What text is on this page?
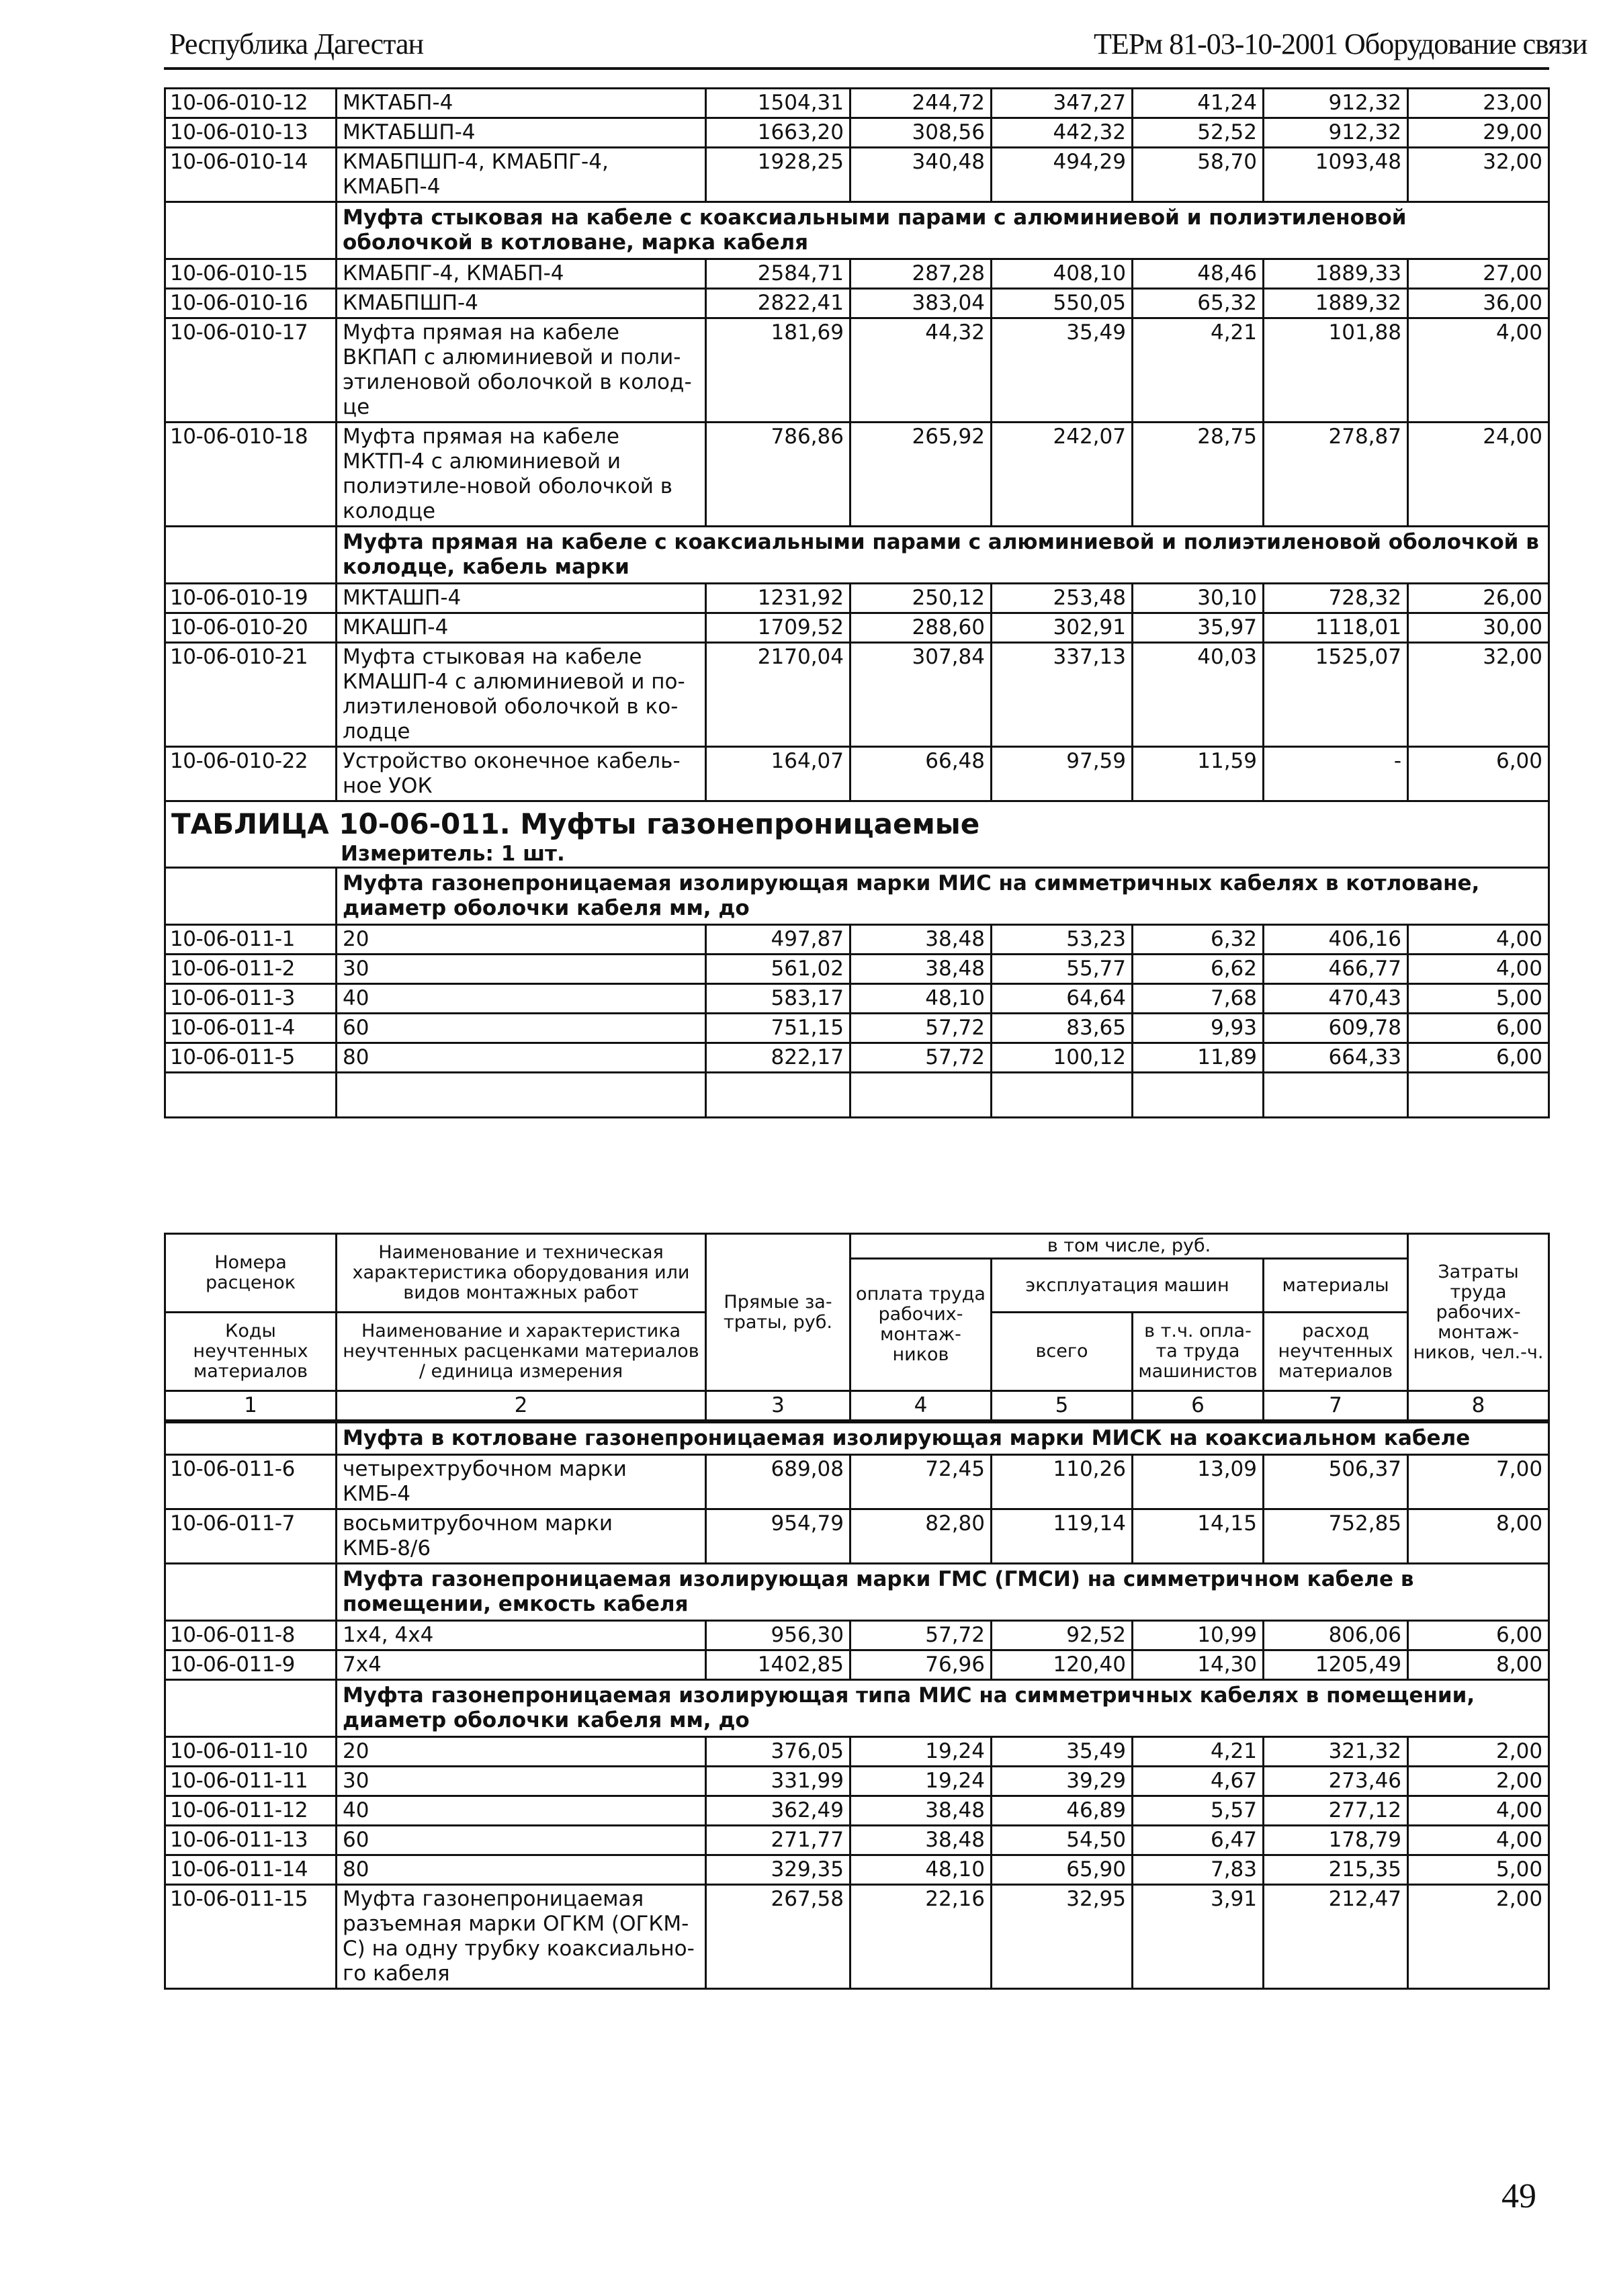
Республика Дагестан	ТЕРм 81-03-10-2001 Оборудование связи
10-06-010-12	МКТАБП-4	1504,31	244,72	347,27	41,24	912,32	23,00
10-06-010-13	МКТАБШП-4	1663,20	308,56	442,32	52,52	912,32	29,00
10-06-010-14	КМАБПШП-4, КМАБПГ-4, КМАБП-4	1928,25	340,48	494,29	58,70	1093,48	32,00
	Муфта стыковая на кабеле с коаксиальными парами с алюминиевой и полиэтиленовой оболочкой в котловане, марка кабеля						
10-06-010-15	КМАБПГ-4, КМАБП-4	2584,71	287,28	408,10	48,46	1889,33	27,00
10-06-010-16	КМАБПШП-4	2822,41	383,04	550,05	65,32	1889,32	36,00
10-06-010-17	Муфта прямая на кабеле ВКПАП с алюминиевой и поли-этиленовой оболочкой в колод-це	181,69	44,32	35,49	4,21	101,88	4,00
10-06-010-18	Муфта прямая на кабеле МКТП-4 с алюминиевой и полиэтиле-новой оболочкой в колодце	786,86	265,92	242,07	28,75	278,87	24,00
	Муфта прямая на кабеле с коаксиальными парами с алюминиевой и полиэтиленовой оболочкой в колодце, кабель марки						
10-06-010-19	МКТАШП-4	1231,92	250,12	253,48	30,10	728,32	26,00
10-06-010-20	МКАШП-4	1709,52	288,60	302,91	35,97	1118,01	30,00
10-06-010-21	Муфта стыковая на кабеле КМАШП-4 с алюминиевой и по-лиэтиленовой оболочкой в ко-лодце	2170,04	307,84	337,13	40,03	1525,07	32,00
10-06-010-22	Устройство оконечное кабель-ное УОК	164,07	66,48	97,59	11,59	-	6,00

ТАБЛИЦА 10-06-011. Муфты газонепроницаемые
Измеритель: 1 шт.							

	Муфта газонепроницаемая изолирующая марки МИС на симметричных кабелях в котловане, диаметр оболочки кабеля мм, до						
10-06-011-1	20	497,87	38,48	53,23	6,32	406,16	4,00
10-06-011-2	30	561,02	38,48	55,77	6,62	466,77	4,00
10-06-011-3	40	583,17	48,10	64,64	7,68	470,43	5,00
10-06-011-4	60	751,15	57,72	83,65	9,93	609,78	6,00
10-06-011-5	80	822,17	57,72	100,12	11,89	664,33	6,00

Номера расценок	Наименование и техническая характеристика оборудования или видов монтажных работ	Прямые за-траты, руб.	в том числе, руб.				Затраты труда рабочих-монтаж-ников, чел.-ч.
			оплата труда рабочих-монтаж-ников	эксплуатация машин		материалы	
Коды неучтенных материалов	Наименование и характеристика неучтенных расценками материалов / единица измерения			всего	в т.ч. опла-та труда машинистов	расход неучтенных материалов	

1	2	3	4	5	6	7	8
	Муфта в котловане газонепроницаемая изолирующая марки МИСК на коаксиальном кабеле						
10-06-011-6	четырехтрубочном марки КМБ-4	689,08	72,45	110,26	13,09	506,37	7,00
10-06-011-7	восьмитрубочном марки КМБ-8/6	954,79	82,80	119,14	14,15	752,85	8,00
	Муфта газонепроницаемая изолирующая марки ГМС (ГМСИ) на симметричном кабеле в помещении, емкость кабеля						
10-06-011-8	1х4, 4х4	956,30	57,72	92,52	10,99	806,06	6,00
10-06-011-9	7х4	1402,85	76,96	120,40	14,30	1205,49	8,00
	Муфта газонепроницаемая изолирующая типа МИС на симметричных кабелях в помещении, диаметр оболочки кабеля мм, до						
10-06-011-10	20	376,05	19,24	35,49	4,21	321,32	2,00
10-06-011-11	30	331,99	19,24	39,29	4,67	273,46	2,00
10-06-011-12	40	362,49	38,48	46,89	5,57	277,12	4,00
10-06-011-13	60	271,77	38,48	54,50	6,47	178,79	4,00
10-06-011-14	80	329,35	48,10	65,90	7,83	215,35	5,00
10-06-011-15	Муфта газонепроницаемая разъемная марки ОГКМ (ОГКМ-С) на одну трубку коаксиально-го кабеля	267,58	22,16	32,95	3,91	212,47	2,00
49
